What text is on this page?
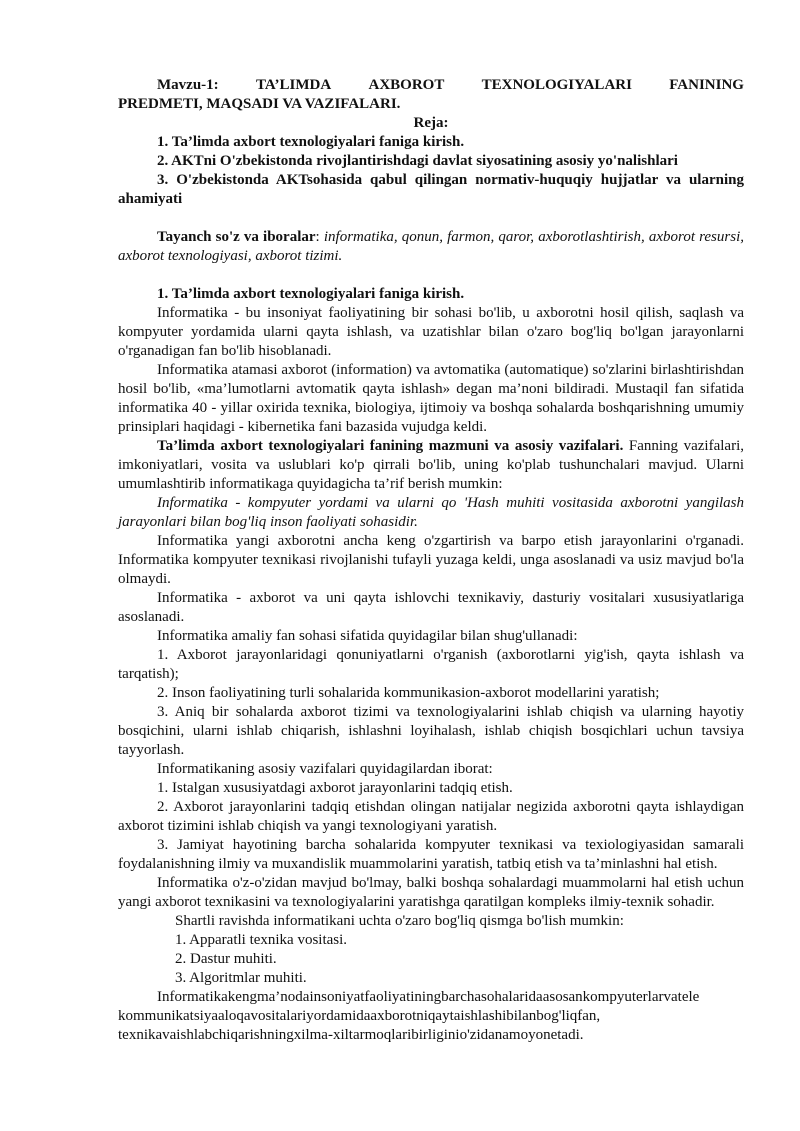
Mavzu-1: TA’LIMDA AXBOROT TEXNOLOGIYALARI FANINING
PREDMETI, MAQSADI VA VAZIFALARI.

Reja:

1. Ta’limda axbort texnologiyalari faniga kirish.

2. AKTni O'zbekistonda rivojlantirishdagi davlat siyosatining asosiy yo'nalishlari

3. O'zbekistonda AKTsohasida qabul qilingan normativ-huquqiy hujjatlar va ularning ahamiyati

Tayanch so'z va iboralar: informatika, qonun, farmon, qaror, axborotlashtirish, axborot resursi, axborot texnologiyasi, axborot tizimi.

1. Ta’limda axbort texnologiyalari faniga kirish.

Informatika - bu insoniyat faoliyatining bir sohasi bo'lib, u axborotni hosil qilish, saqlash va kompyuter yordamida ularni qayta ishlash, va uzatishlar bilan o'zaro bog'liq bo'lgan jarayonlarni o'rganadigan fan bo'lib hisoblanadi.

Informatika atamasi axborot (information) va avtomatika (automatique) so'zlarini birlashtirishdan hosil bo'lib, «ma’lumotlarni avtomatik qayta ishlash» degan ma’noni bildiradi. Mustaqil fan sifatida informatika 40 - yillar oxirida texnika, biologiya, ijtimoiy va boshqa sohalarda boshqarishning umumiy prinsiplari haqidagi - kibernetika fani bazasida vujudga keldi.

Ta’limda axbort texnologiyalari fanining mazmuni va asosiy vazifalari. Fanning vazifalari, imkoniyatlari, vosita va uslublari ko'p qirrali bo'lib, uning ko'plab tushunchalari mavjud. Ularni umumlashtirib informatikaga quyidagicha ta’rif berish mumkin:

Informatika - kompyuter yordami va ularni qo 'Hash muhiti vositasida axborotni yangilash jarayonlari bilan bog'liq inson faoliyati sohasidir.

Informatika yangi axborotni ancha keng o'zgartirish va barpo etish jarayonlarini o'rganadi. Informatika kompyuter texnikasi rivojlanishi tufayli yuzaga keldi, unga asoslanadi va usiz mavjud bo'la olmaydi.

Informatika - axborot va uni qayta ishlovchi texnikaviy, dasturiy vositalari xususiyatlariga asoslanadi.

Informatika amaliy fan sohasi sifatida quyidagilar bilan shug'ullanadi:

1. Axborot jarayonlaridagi qonuniyatlarni o'rganish (axborotlarni yig'ish, qayta ishlash va tarqatish);

2. Inson faoliyatining turli sohalarida kommunikasion-axborot modellarini yaratish;

3. Aniq bir sohalarda axborot tizimi va texnologiyalarini ishlab chiqish va ularning hayotiy bosqichini, ularni ishlab chiqarish, ishlashni loyihalash, ishlab chiqish bosqichlari uchun tavsiya tayyorlash.

Informatikaning asosiy vazifalari quyidagilardan iborat:

1. Istalgan xususiyatdagi axborot jarayonlarini tadqiq etish.

2. Axborot jarayonlarini tadqiq etishdan olingan natijalar negizida axborotni qayta ishlaydigan axborot tizimini ishlab chiqish va yangi texnologiyani yaratish.

3. Jamiyat hayotining barcha sohalarida kompyuter texnikasi va texiologiyasidan samarali foydalanishning ilmiy va muxandislik muammolarini yaratish, tatbiq etish va ta’minlashni hal etish.

Informatika o'z-o'zidan mavjud bo'lmay, balki boshqa sohalardagi muammolarni hal etish uchun yangi axborot texnikasini va texnologiyalarini yaratishga qaratilgan kompleks ilmiy-texnik sohadir.

Shartli ravishda informatikani uchta o'zaro bog'liq qismga bo'lish mumkin:

1. Apparatli texnika vositasi.

2. Dastur muhiti.

3. Algoritmlar muhiti.

Informatikakengma’nodainsoniyatfaoliyatiningbarchasohalaridaasosankompyuterlarvatele
kommunikatsiyaaloqavositalariyordamidaaxborotniqaytaishlashibilanbog'liqfan,
texnikavaishlabchiqarishningxilma-xiltarmoqlaribirliginio'zidanamoyonetadi.
